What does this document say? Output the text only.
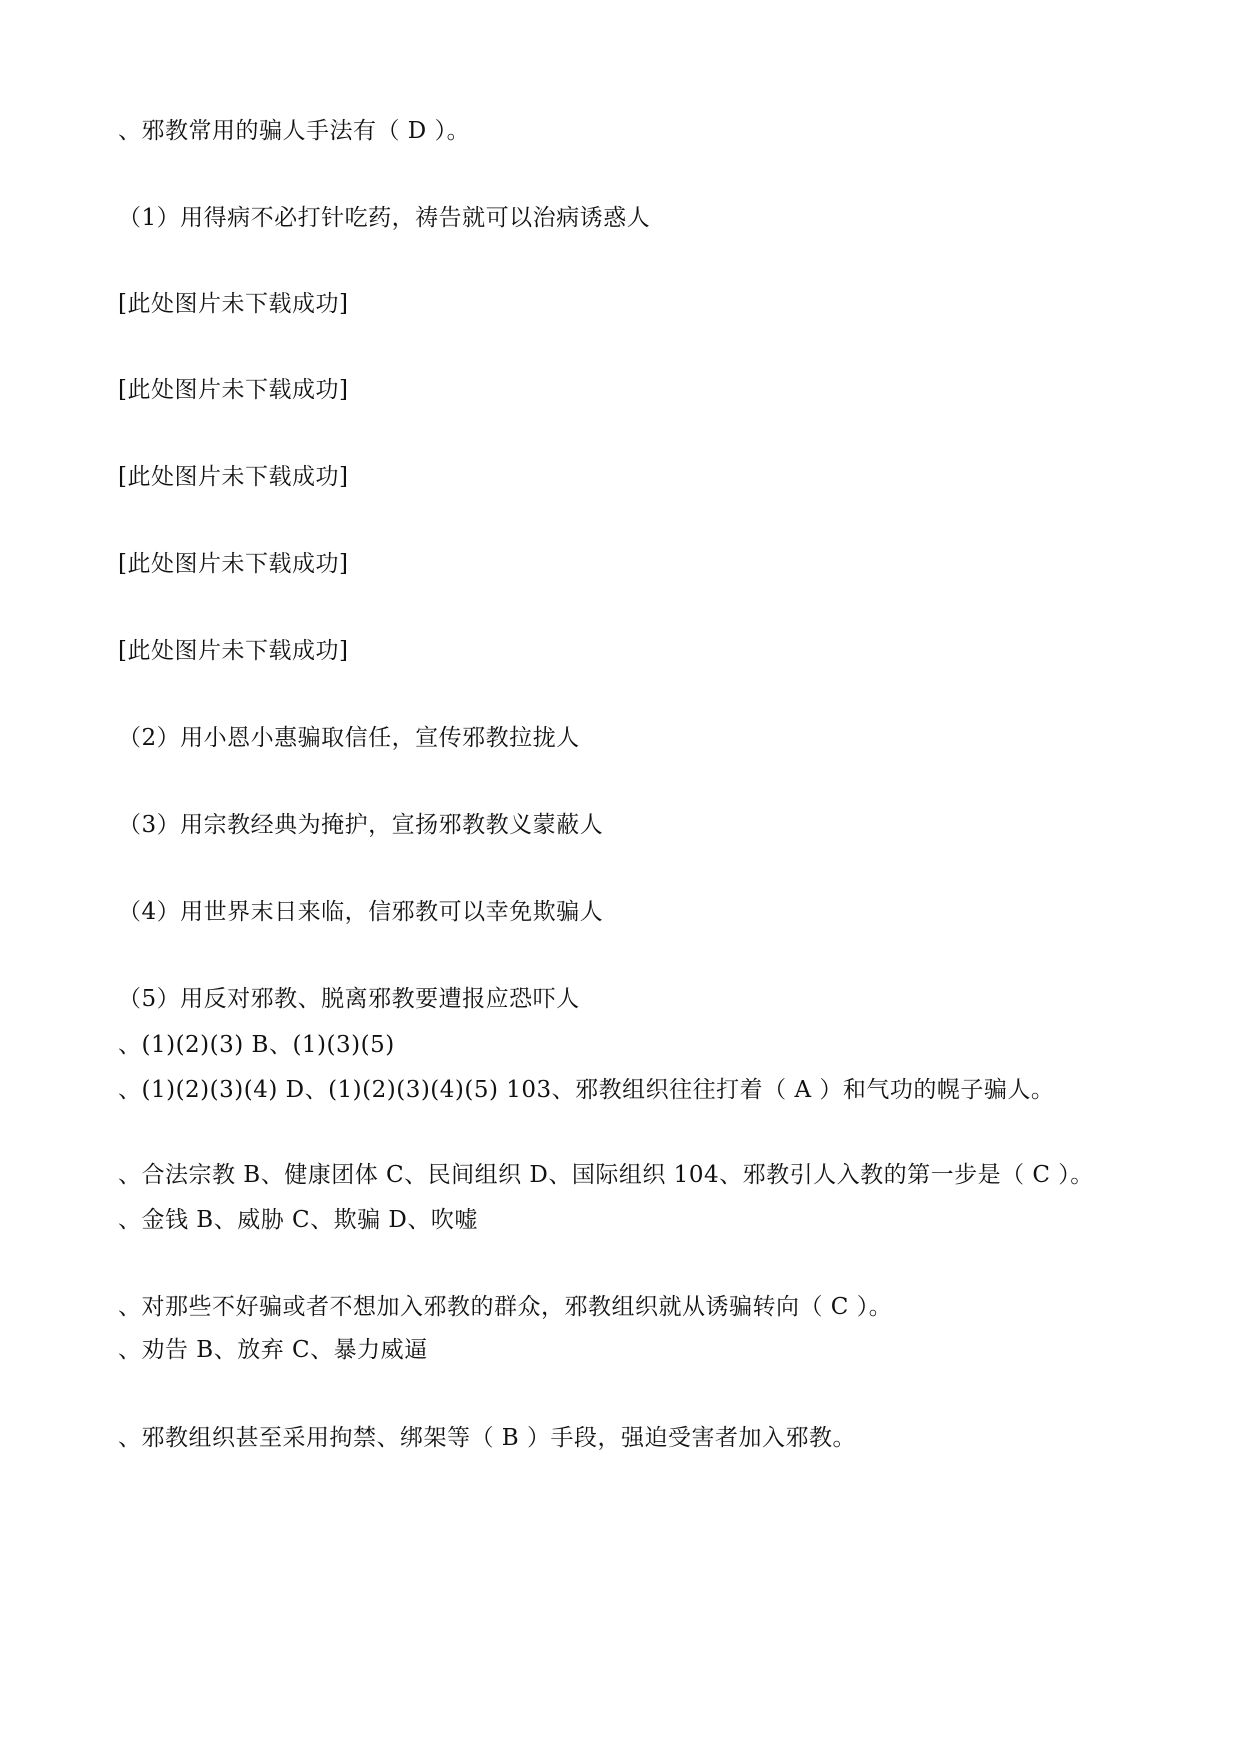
、邪教常用的骗人手法有（ D ）。
（1）用得病不必打针吃药，祷告就可以治病诱惑人
[此处图片未下载成功]
[此处图片未下载成功]
[此处图片未下载成功]
[此处图片未下载成功]
[此处图片未下载成功]
（2）用小恩小惠骗取信任，宣传邪教拉拢人
（3）用宗教经典为掩护，宣扬邪教教义蒙蔽人
（4）用世界末日来临，信邪教可以幸免欺骗人
（5）用反对邪教、脱离邪教要遭报应恐吓人
、(1)(2)(3) B、(1)(3)(5)
、(1)(2)(3)(4) D、(1)(2)(3)(4)(5) 103、邪教组织往往打着（ A ）和气功的幌子骗人。
、合法宗教 B、健康团体 C、民间组织 D、国际组织 104、邪教引人入教的第一步是（ C ）。
、金钱 B、威胁 C、欺骗 D、吹嘘
、对那些不好骗或者不想加入邪教的群众，邪教组织就从诱骗转向（ C ）。
、劝告 B、放弃 C、暴力威逼
、邪教组织甚至采用拘禁、绑架等（ B ）手段，强迫受害者加入邪教。
